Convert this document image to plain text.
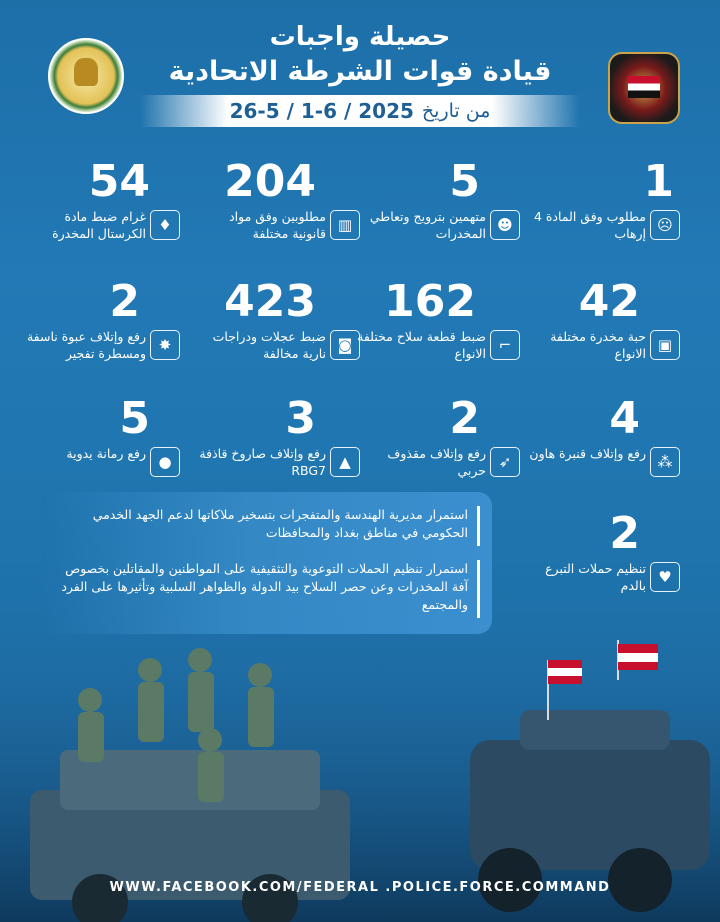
حصيلة واجبات
قيادة قوات الشرطة الاتحادية
من تاريخ
26-5 / 1-6 / 2025
1
☹
مطلوب وفق المادة 4 إرهاب
5
☻
متهمين بترويج وتعاطي المخدرات
204
▥
مطلوبين وفق مواد قانونية مختلفة
54
♦
غرام ضبط مادة الكرستال المخدرة
42
▣
حبة مخدرة مختلفة الانواع
162
⌐
ضبط قطعة سلاح مختلفة الانواع
423
◙
ضبط عجلات ودراجات نارية مخالفة
2
✸
رفع وإتلاف عبوة ناسفة ومسطرة تفجير
4
⁂
رفع وإتلاف قنبرة هاون
2
➶
رفع وإتلاف مقذوف حربي
3
▲
رفع وإتلاف صاروخ قاذفة RBG7
5
●
رفع رمانة يدوية
2
♥
تنظيم حملات التبرع بالدم
استمرار مديرية الهندسة والمتفجرات بتسخير ملاكاتها لدعم الجهد الخدمي الحكومي في مناطق بغداد والمحافظات
استمرار تنظيم الحملات التوعوية والتثقيفية على المواطنين والمقاتلين بخصوص آفة المخدرات وعن حصر السلاح بيد الدولة والظواهر السلبية وتأثيرها على الفرد والمجتمع
WWW.FACEBOOK.COM/FEDERAL .POLICE.FORCE.COMMAND
